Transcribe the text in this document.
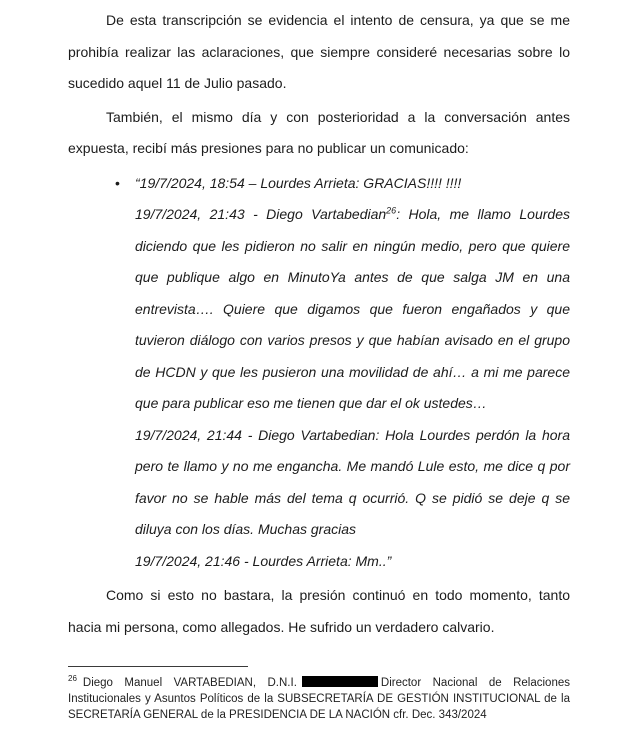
De esta transcripción se evidencia el intento de censura, ya que se me prohibía realizar las aclaraciones, que siempre consideré necesarias sobre lo sucedido aquel 11 de Julio pasado.

También, el mismo día y con posterioridad a la conversación antes expuesta, recibí más presiones para no publicar un comunicado:

• “19/7/2024, 18:54 – Lourdes Arrieta: GRACIAS!!!! !!!!
19/7/2024, 21:43 - Diego Vartabedian$^{26}$: Hola, me llamo Lourdes diciendo que les pidieron no salir en ningún medio, pero que quiere que publique algo en MinutoYa antes de que salga JM en una entrevista…. Quiere que digamos que fueron engañados y que tuvieron diálogo con varios presos y que habían avisado en el grupo de HCDN y que les pusieron una movilidad de ahí… a mi me parece que para publicar eso me tienen que dar el ok ustedes…
19/7/2024, 21:44 - Diego Vartabedian: Hola Lourdes perdón la hora pero te llamo y no me engancha. Me mandó Lule esto, me dice q por favor no se hable más del tema q ocurrió. Q se pidió se deje q se diluya con los días. Muchas gracias
19/7/2024, 21:46 - Lourdes Arrieta: Mm..”

Como si esto no bastara, la presión continuó en todo momento, tanto hacia mi persona, como allegados. He sufrido un verdadero calvario.

$^{26}$ Diego Manuel VARTABEDIAN, D.N.I.	Director Nacional de Relaciones Institucionales y Asuntos Políticos de la SUBSECRETARÍA DE GESTIÓN INSTITUCIONAL de la SECRETARÍA GENERAL de la PRESIDENCIA DE LA NACIÓN cfr. Dec. 343/2024
